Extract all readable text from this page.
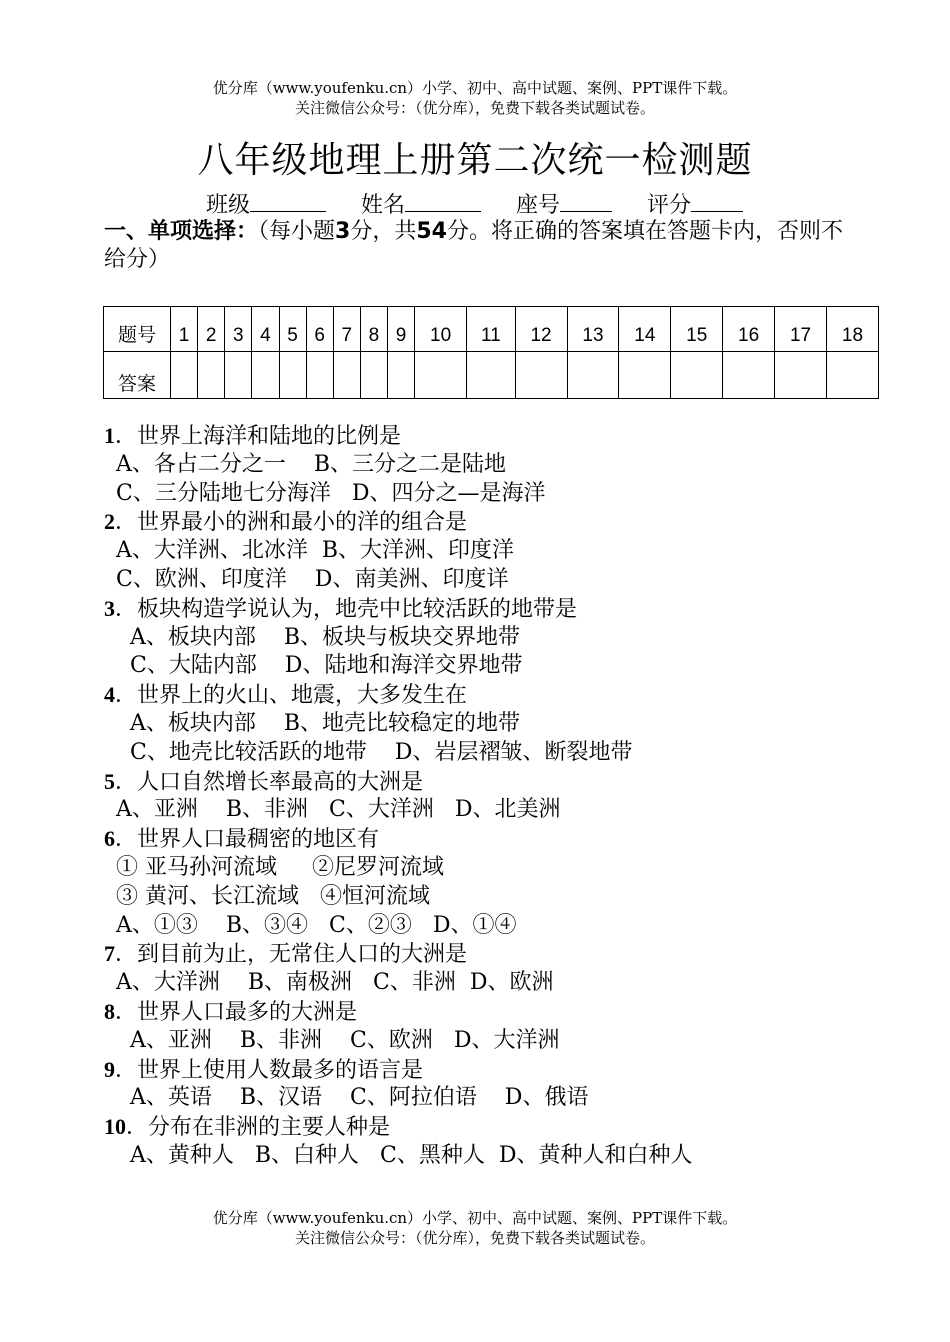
优分库（www.youfenku.cn）小学、初中、高中试题、案例、PPT课件下载。
关注微信公众号：（优分库），免费下载各类试题试卷。
八年级地理上册第二次统一检测题
班级	姓名	座号	评分
一、单项选择：（每小题3分，共54分。将正确的答案填在答题卡内，否则不给分）
题号	1	2	3	4	5	6	7	8	9	10	11	12	13	14	15	16	17	18
答案																		
1．世界上海洋和陆地的比例是
A、各占二分之一    B、三分之二是陆地
C、三分陆地七分海洋   D、四分之—是海洋
2．世界最小的洲和最小的洋的组合是
A、大洋洲、北冰洋  B、大洋洲、印度洋
C、欧洲、印度洋    D、南美洲、印度详
3．板块构造学说认为，地壳中比较活跃的地带是
A、板块内部    B、板块与板块交界地带
C、大陆内部    D、陆地和海洋交界地带
4．世界上的火山、地震，大多发生在
A、板块内部    B、地壳比较稳定的地带
C、地壳比较活跃的地带    D、岩层褶皱、断裂地带
5．人口自然增长率最高的大洲是
A、亚洲    B、非洲   C、大洋洲   D、北美洲
6．世界人口最稠密的地区有
① 亚马孙河流域     ②尼罗河流域
③ 黄河、长江流域   ④恒河流域
A、①③    B、③④   C、②③   D、①④
7．到目前为止，无常住人口的大洲是
A、大洋洲    B、南极洲   C、非洲  D、欧洲
8．世界人口最多的大洲是
A、亚洲    B、非洲    C、欧洲   D、大洋洲
9．世界上使用人数最多的语言是
A、英语    B、汉语    C、阿拉伯语    D、俄语
10．分布在非洲的主要人种是
A、黄种人   B、白种人   C、黑种人  D、黄种人和白种人
优分库（www.youfenku.cn）小学、初中、高中试题、案例、PPT课件下载。
关注微信公众号：（优分库），免费下载各类试题试卷。
